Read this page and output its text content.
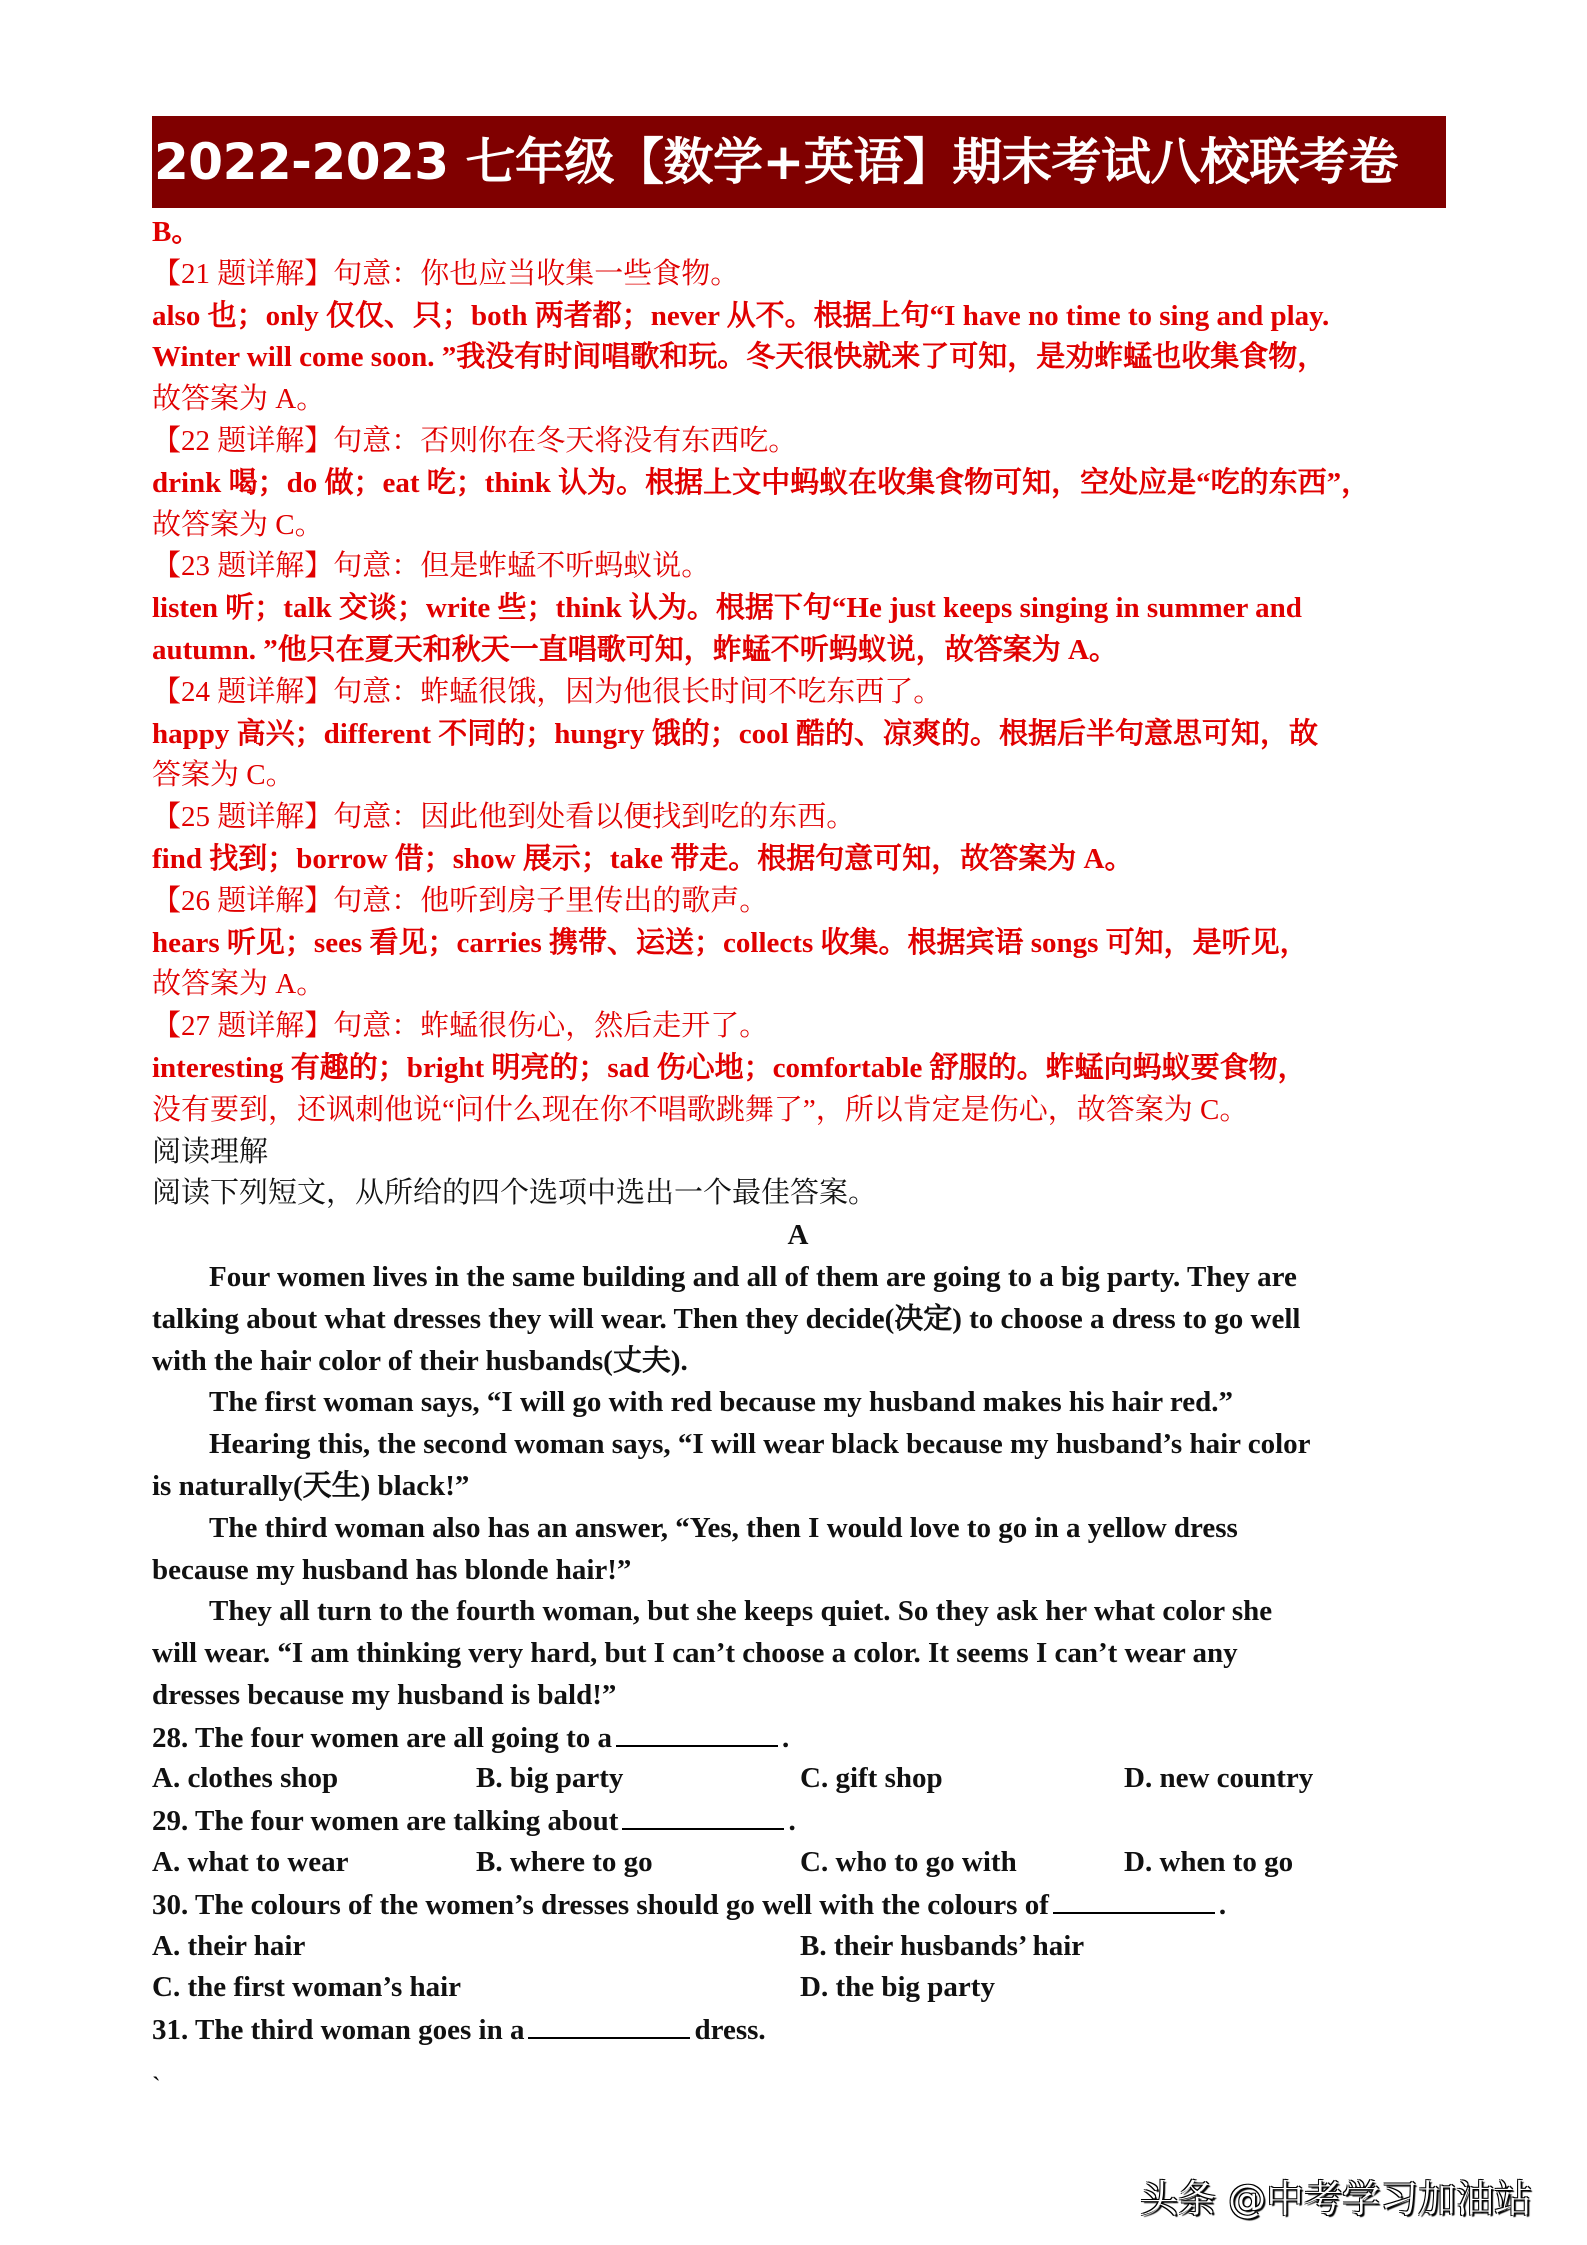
2022-2023 七年级【数学+英语】期末考试八校联考卷
B。
【21 题详解】句意：你也应当收集一些食物。
also 也；only 仅仅、只；both 两者都；never 从不。根据上句“I have no time to sing and play.
Winter will come soon. ”我没有时间唱歌和玩。冬天很快就来了可知，是劝蚱蜢也收集食物，
故答案为 A。
【22 题详解】句意：否则你在冬天将没有东西吃。
drink 喝；do 做；eat 吃；think 认为。根据上文中蚂蚁在收集食物可知，空处应是“吃的东西”，
故答案为 C。
【23 题详解】句意：但是蚱蜢不听蚂蚁说。
listen 听；talk 交谈；write 些；think 认为。根据下句“He just keeps singing in summer and
autumn. ”他只在夏天和秋天一直唱歌可知，蚱蜢不听蚂蚁说，故答案为 A。
【24 题详解】句意：蚱蜢很饿，因为他很长时间不吃东西了。
happy 高兴；different 不同的；hungry 饿的；cool 酷的、凉爽的。根据后半句意思可知，故
答案为 C。
【25 题详解】句意：因此他到处看以便找到吃的东西。
find 找到；borrow 借；show 展示；take 带走。根据句意可知，故答案为 A。
【26 题详解】句意：他听到房子里传出的歌声。
hears 听见；sees 看见；carries 携带、运送；collects 收集。根据宾语 songs 可知，是听见，
故答案为 A。
【27 题详解】句意：蚱蜢很伤心，然后走开了。
interesting 有趣的；bright 明亮的；sad 伤心地；comfortable 舒服的。蚱蜢向蚂蚁要食物，
没有要到，还讽刺他说“问什么现在你不唱歌跳舞了”，所以肯定是伤心，故答案为 C。
阅读理解
阅读下列短文，从所给的四个选项中选出一个最佳答案。
A
Four women lives in the same building and all of them are going to a big party. They are
talking about what dresses they will wear. Then they decide(决定) to choose a dress to go well
with the hair color of their husbands(丈夫).
The first woman says, “I will go with red because my husband makes his hair red.”
Hearing this, the second woman says, “I will wear black because my husband’s hair color
is naturally(天生) black!”
The third woman also has an answer, “Yes, then I would love to go in a yellow dress
because my husband has blonde hair!”
They all turn to the fourth woman, but she keeps quiet. So they ask her what color she
will wear. “I am thinking very hard, but I can’t choose a color. It seems I can’t wear any
dresses because my husband is bald!”
28. The four women are all going to a	.
A. clothes shop	B. big party	C. gift shop	D. new country
29. The four women are talking about	.
A. what to wear	B. where to go	C. who to go with	D. when to go
30. The colours of the women’s dresses should go well with the colours of	.
A. their hair	B. their husbands’ hair
C. the first woman’s hair	D. the big party
31. The third woman goes in a	dress.
`
头条 @中考学习加油站
